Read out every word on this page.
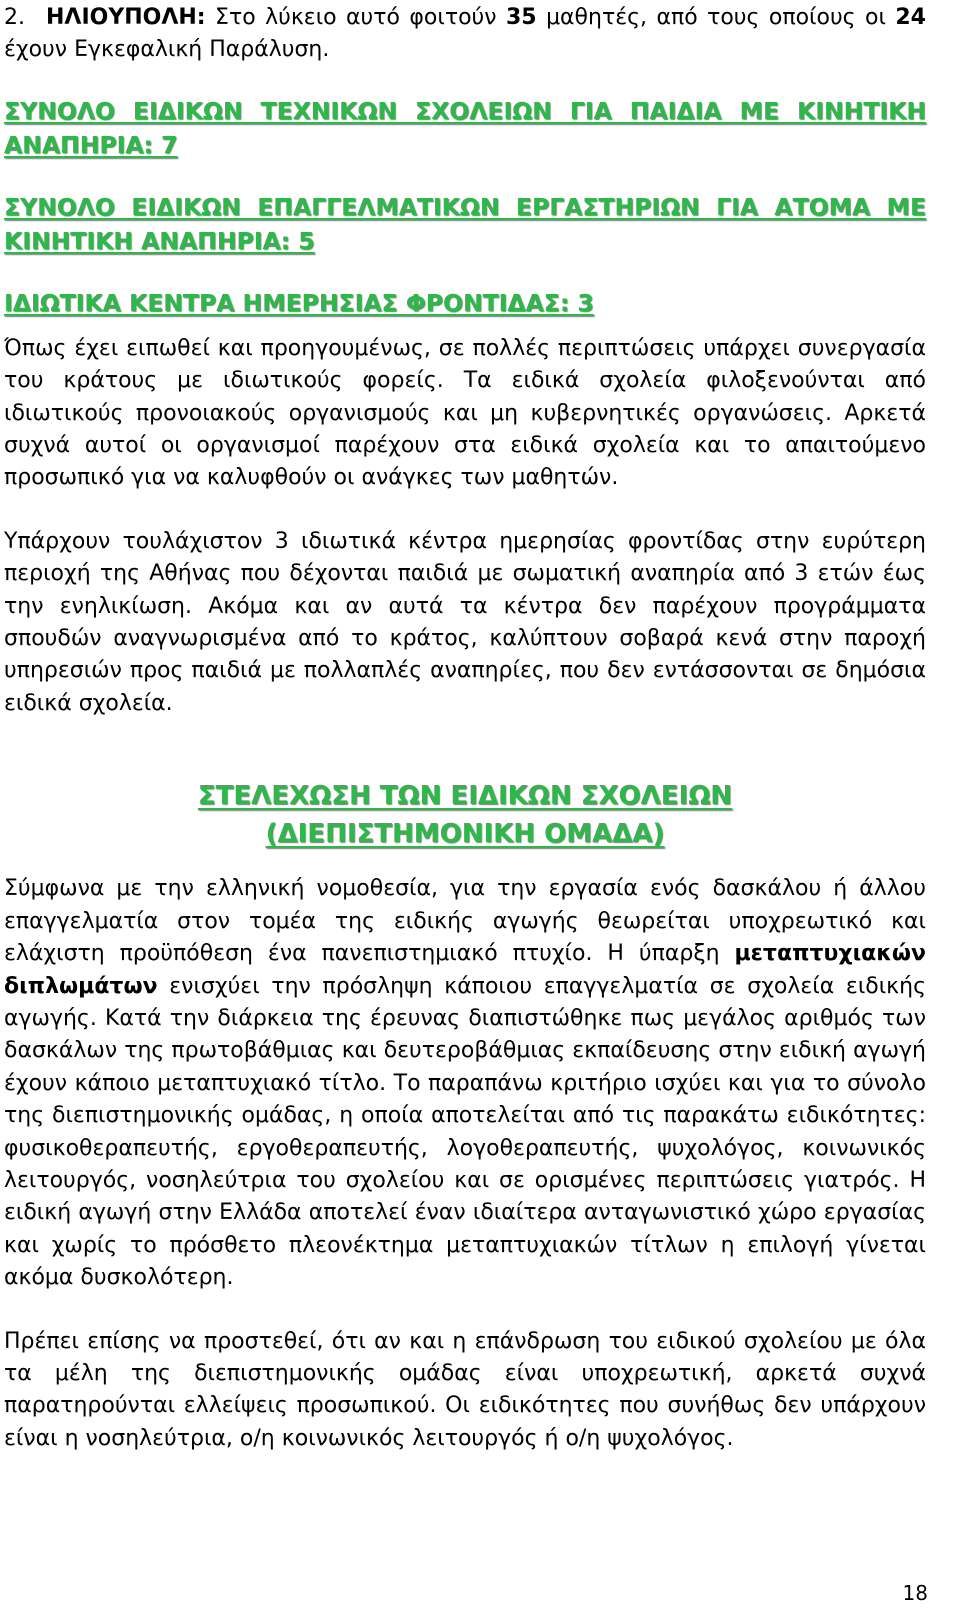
2. ΗΛΙΟΥΠΟΛΗ: Στο λύκειο αυτό φοιτούν 35 μαθητές, από τους οποίους οι 24 έχουν Εγκεφαλική Παράλυση.

ΣΥΝΟΛΟ ΕΙΔΙΚΩΝ ΤΕΧΝΙΚΩΝ ΣΧΟΛΕΙΩΝ ΓΙΑ ΠΑΙΔΙΑ ΜΕ ΚΙΝΗΤΙΚΗ ΑΝΑΠΗΡΙΑ: 7

ΣΥΝΟΛΟ ΕΙΔΙΚΩΝ ΕΠΑΓΓΕΛΜΑΤΙΚΩΝ ΕΡΓΑΣΤΗΡΙΩΝ ΓΙΑ ΑΤΟΜΑ ΜΕ ΚΙΝΗΤΙΚΗ ΑΝΑΠΗΡΙΑ: 5

ΙΔΙΩΤΙΚΑ ΚΕΝΤΡΑ ΗΜΕΡΗΣΙΑΣ ΦΡΟΝΤΙΔΑΣ: 3

Όπως έχει ειπωθεί και προηγουμένως, σε πολλές περιπτώσεις υπάρχει συνεργασία του κράτους με ιδιωτικούς φορείς. Τα ειδικά σχολεία φιλοξενούνται από ιδιωτικούς προνοιακούς οργανισμούς και μη κυβερνητικές οργανώσεις. Αρκετά συχνά αυτοί οι οργανισμοί παρέχουν στα ειδικά σχολεία και το απαιτούμενο προσωπικό για να καλυφθούν οι ανάγκες των μαθητών.

Υπάρχουν τουλάχιστον 3 ιδιωτικά κέντρα ημερησίας φροντίδας στην ευρύτερη περιοχή της Αθήνας που δέχονται παιδιά με σωματική αναπηρία από 3 ετών έως την ενηλικίωση. Ακόμα και αν αυτά τα κέντρα δεν παρέχουν προγράμματα σπουδών αναγνωρισμένα από το κράτος, καλύπτουν σοβαρά κενά στην παροχή υπηρεσιών προς παιδιά με πολλαπλές αναπηρίες, που δεν εντάσσονται σε δημόσια ειδικά σχολεία.

ΣΤΕΛΕΧΩΣΗ ΤΩΝ ΕΙΔΙΚΩΝ ΣΧΟΛΕΙΩΝ

(ΔΙΕΠΙΣΤΗΜΟΝΙΚΗ ΟΜΑΔΑ)

Σύμφωνα με την ελληνική νομοθεσία, για την εργασία ενός δασκάλου ή άλλου επαγγελματία στον τομέα της ειδικής αγωγής θεωρείται υποχρεωτικό και ελάχιστη προϋπόθεση ένα πανεπιστημιακό πτυχίο. Η ύπαρξη μεταπτυχιακών διπλωμάτων ενισχύει την πρόσληψη κάποιου επαγγελματία σε σχολεία ειδικής αγωγής. Κατά την διάρκεια της έρευνας διαπιστώθηκε πως μεγάλος αριθμός των δασκάλων της πρωτοβάθμιας και δευτεροβάθμιας εκπαίδευσης στην ειδική αγωγή έχουν κάποιο μεταπτυχιακό τίτλο. Το παραπάνω κριτήριο ισχύει και για το σύνολο της διεπιστημονικής ομάδας, η οποία αποτελείται από τις παρακάτω ειδικότητες: φυσικοθεραπευτής, εργοθεραπευτής, λογοθεραπευτής, ψυχολόγος, κοινωνικός λειτουργός, νοσηλεύτρια του σχολείου και σε ορισμένες περιπτώσεις γιατρός. Η ειδική αγωγή στην Ελλάδα αποτελεί έναν ιδιαίτερα ανταγωνιστικό χώρο εργασίας και χωρίς το πρόσθετο πλεονέκτημα μεταπτυχιακών τίτλων η επιλογή γίνεται ακόμα δυσκολότερη.

Πρέπει επίσης να προστεθεί, ότι αν και η επάνδρωση του ειδικού σχολείου με όλα τα μέλη της διεπιστημονικής ομάδας είναι υποχρεωτική, αρκετά συχνά παρατηρούνται ελλείψεις προσωπικού. Οι ειδικότητες που συνήθως δεν υπάρχουν είναι η νοσηλεύτρια, ο/η κοινωνικός λειτουργός ή ο/η ψυχολόγος.

18
